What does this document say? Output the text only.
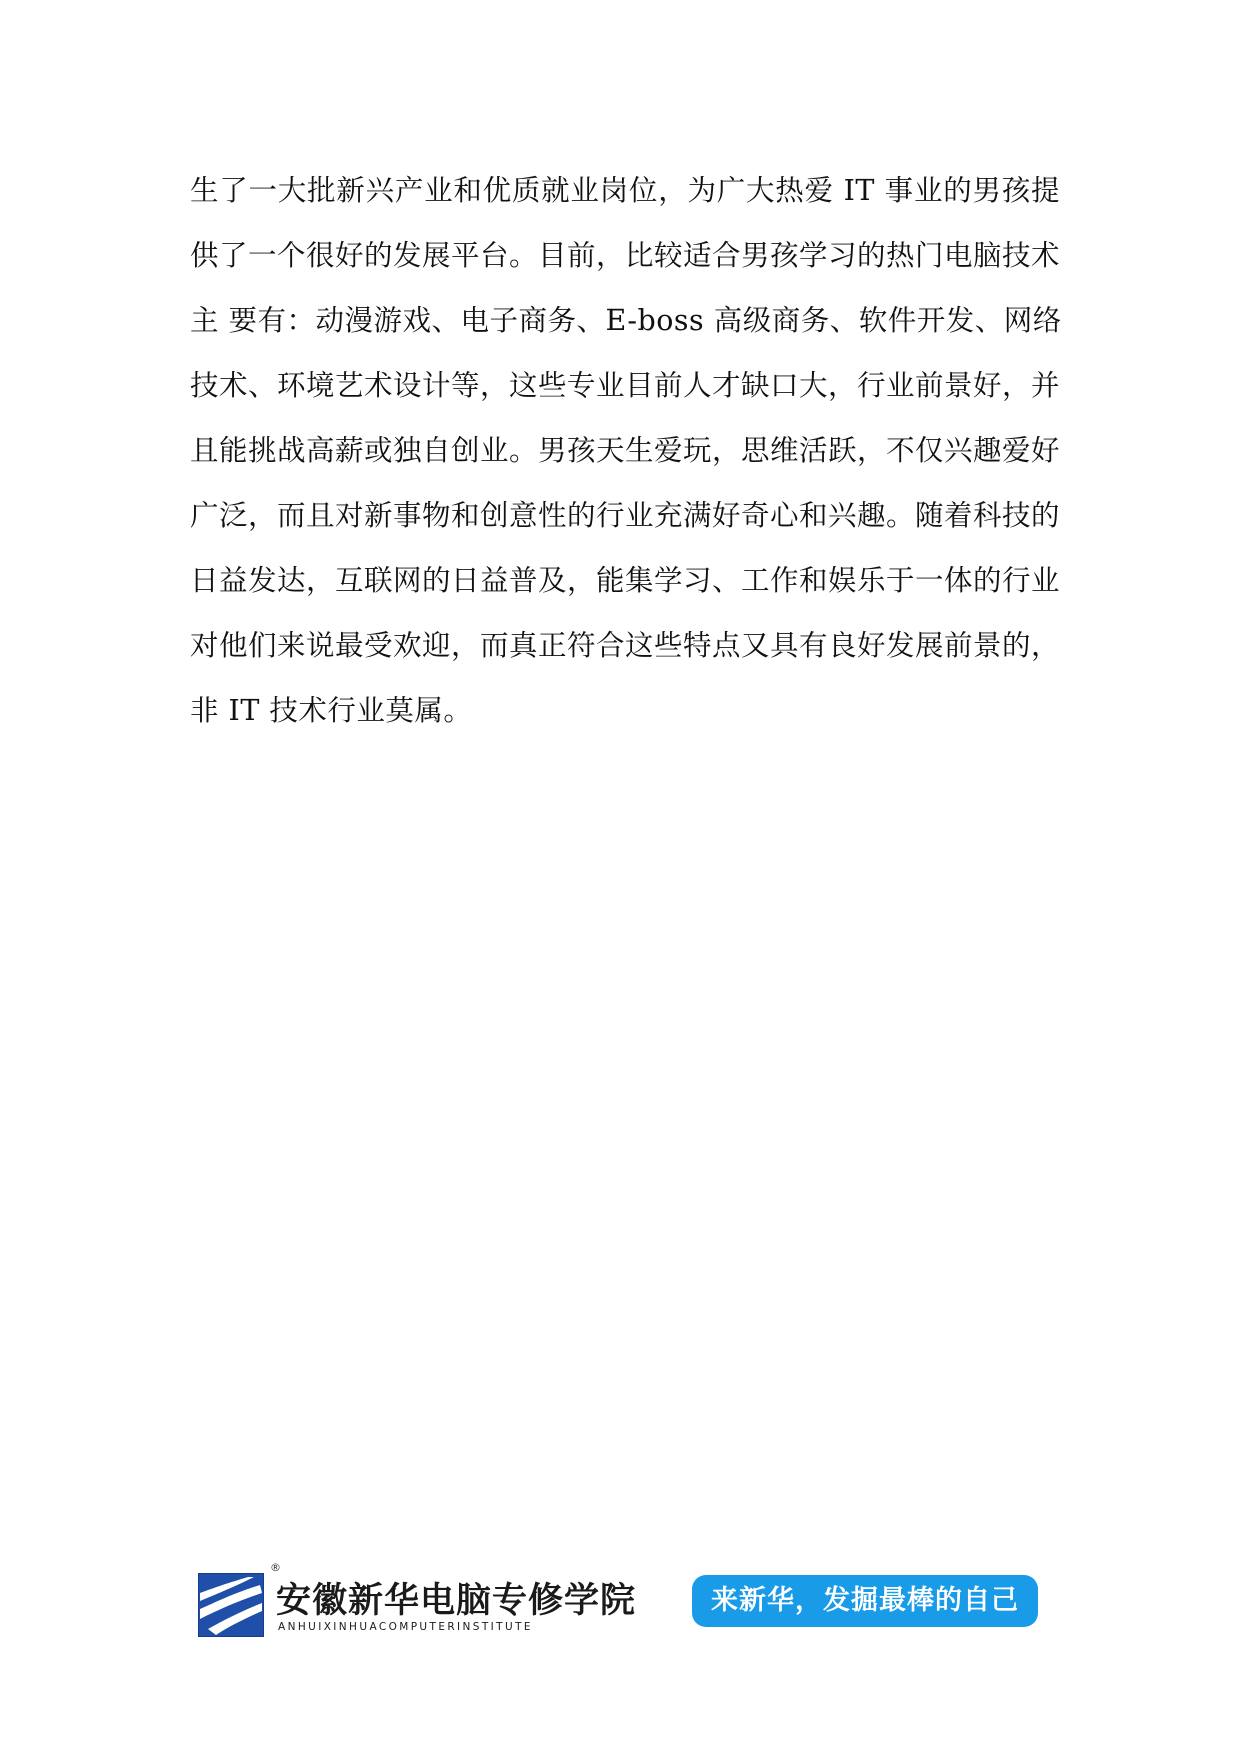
生了一大批新兴产业和优质就业岗位，为广大热爱 IT 事业的男孩提
供了一个很好的发展平台。目前，比较适合男孩学习的热门电脑技术
主 要有：动漫游戏、电子商务、E-boss 高级商务、软件开发、网络
技术、环境艺术设计等，这些专业目前人才缺口大，行业前景好，并
且能挑战高薪或独自创业。男孩天生爱玩，思维活跃，不仅兴趣爱好
广泛，而且对新事物和创意性的行业充满好奇心和兴趣。随着科技的
日益发达，互联网的日益普及，能集学习、工作和娱乐于一体的行业
对他们来说最受欢迎，而真正符合这些特点又具有良好发展前景的，
非 IT 技术行业莫属。
®
安徽新华电脑专修学院
ANHUIXINHUACOMPUTERINSTITUTE
来新华，发掘最棒的自己
